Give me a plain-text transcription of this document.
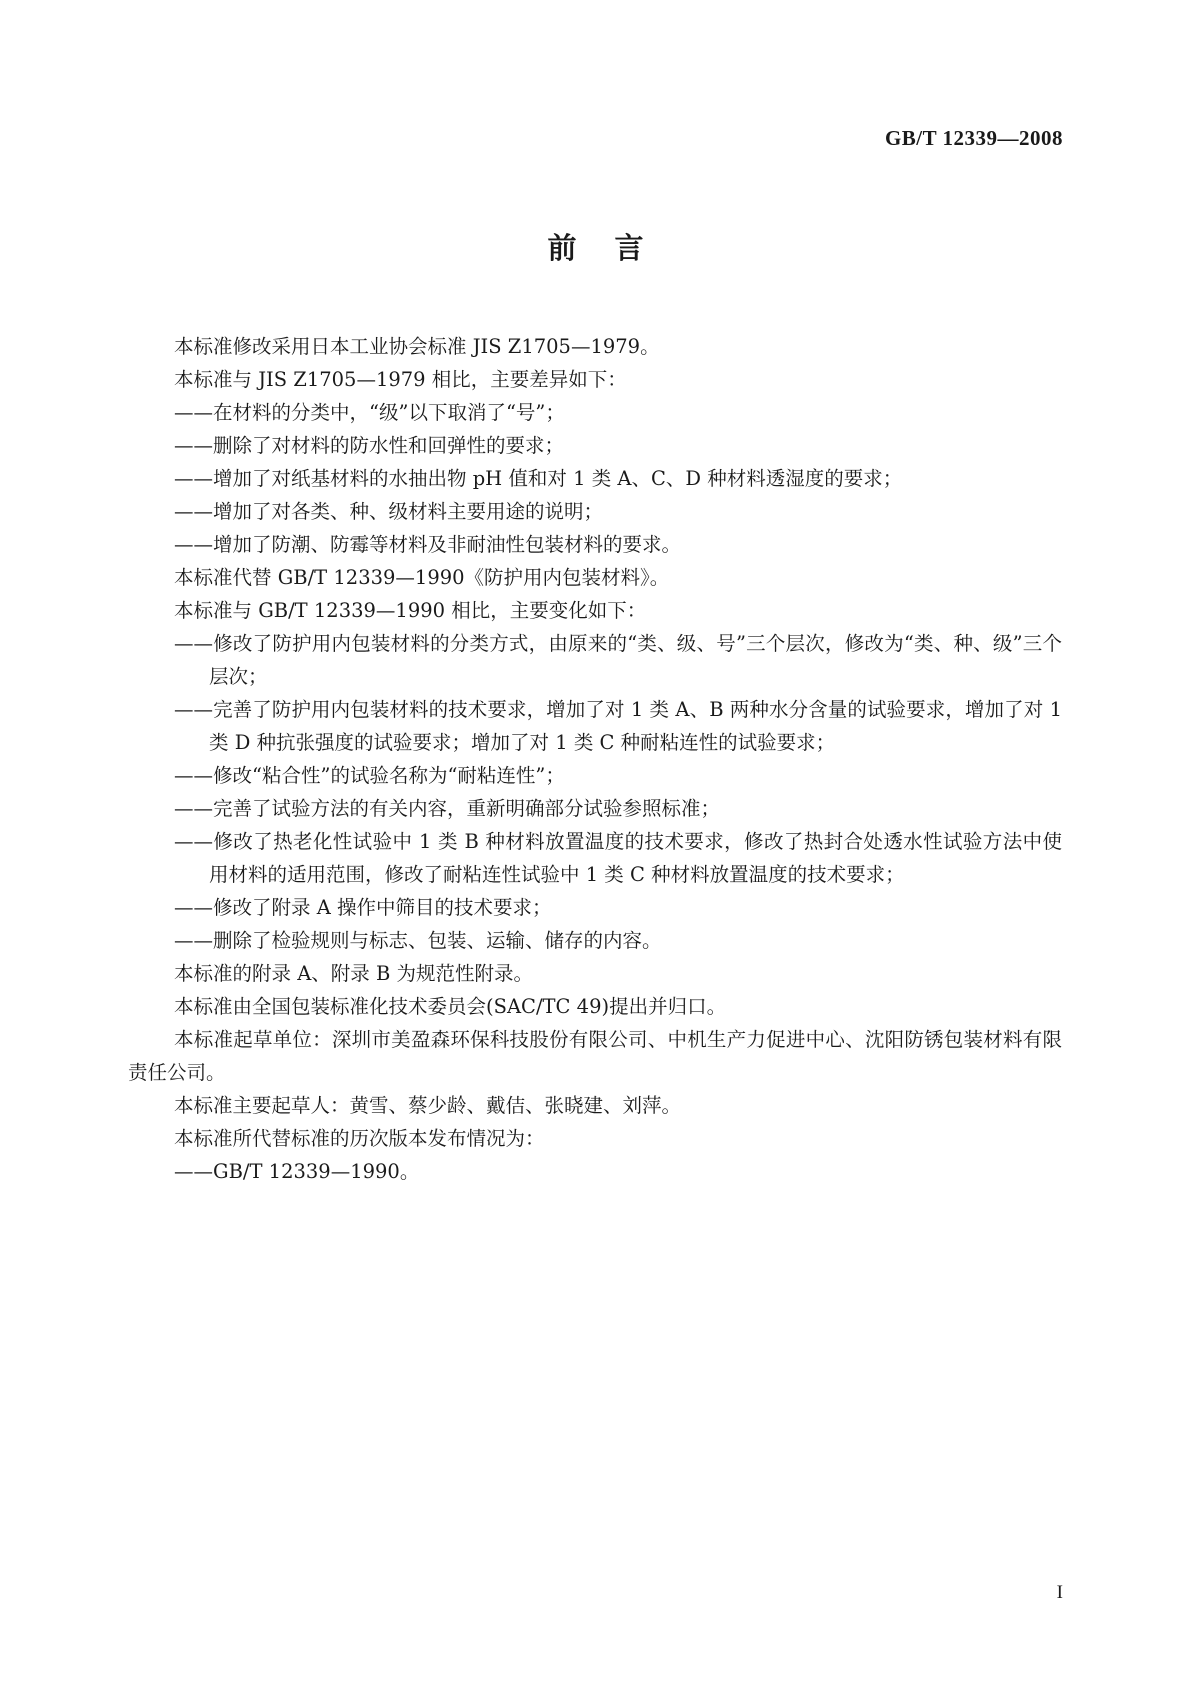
GB/T 12339—2008
前言

本标准修改采用日本工业协会标准 JIS Z1705—1979。

本标准与 JIS Z1705—1979 相比，主要差异如下：

——在材料的分类中，“级”以下取消了“号”；

——删除了对材料的防水性和回弹性的要求；

——增加了对纸基材料的水抽出物 pH 值和对 1 类 A、C、D 种材料透湿度的要求；

——增加了对各类、种、级材料主要用途的说明；

——增加了防潮、防霉等材料及非耐油性包装材料的要求。

本标准代替 GB/T 12339—1990《防护用内包装材料》。

本标准与 GB/T 12339—1990 相比，主要变化如下：

——修改了防护用内包装材料的分类方式，由原来的“类、级、号”三个层次，修改为“类、种、级”三个层次；

——完善了防护用内包装材料的技术要求，增加了对 1 类 A、B 两种水分含量的试验要求，增加了对 1 类 D 种抗张强度的试验要求；增加了对 1 类 C 种耐粘连性的试验要求；

——修改“粘合性”的试验名称为“耐粘连性”；

——完善了试验方法的有关内容，重新明确部分试验参照标准；

——修改了热老化性试验中 1 类 B 种材料放置温度的技术要求，修改了热封合处透水性试验方法中使用材料的适用范围，修改了耐粘连性试验中 1 类 C 种材料放置温度的技术要求；

——修改了附录 A 操作中筛目的技术要求；

——删除了检验规则与标志、包装、运输、储存的内容。

本标准的附录 A、附录 B 为规范性附录。

本标准由全国包装标准化技术委员会(SAC/TC 49)提出并归口。

本标准起草单位：深圳市美盈森环保科技股份有限公司、中机生产力促进中心、沈阳防锈包装材料有限责任公司。

本标准主要起草人：黄雪、蔡少龄、戴佶、张晓建、刘萍。

本标准所代替标准的历次版本发布情况为：

——GB/T 12339—1990。

I
